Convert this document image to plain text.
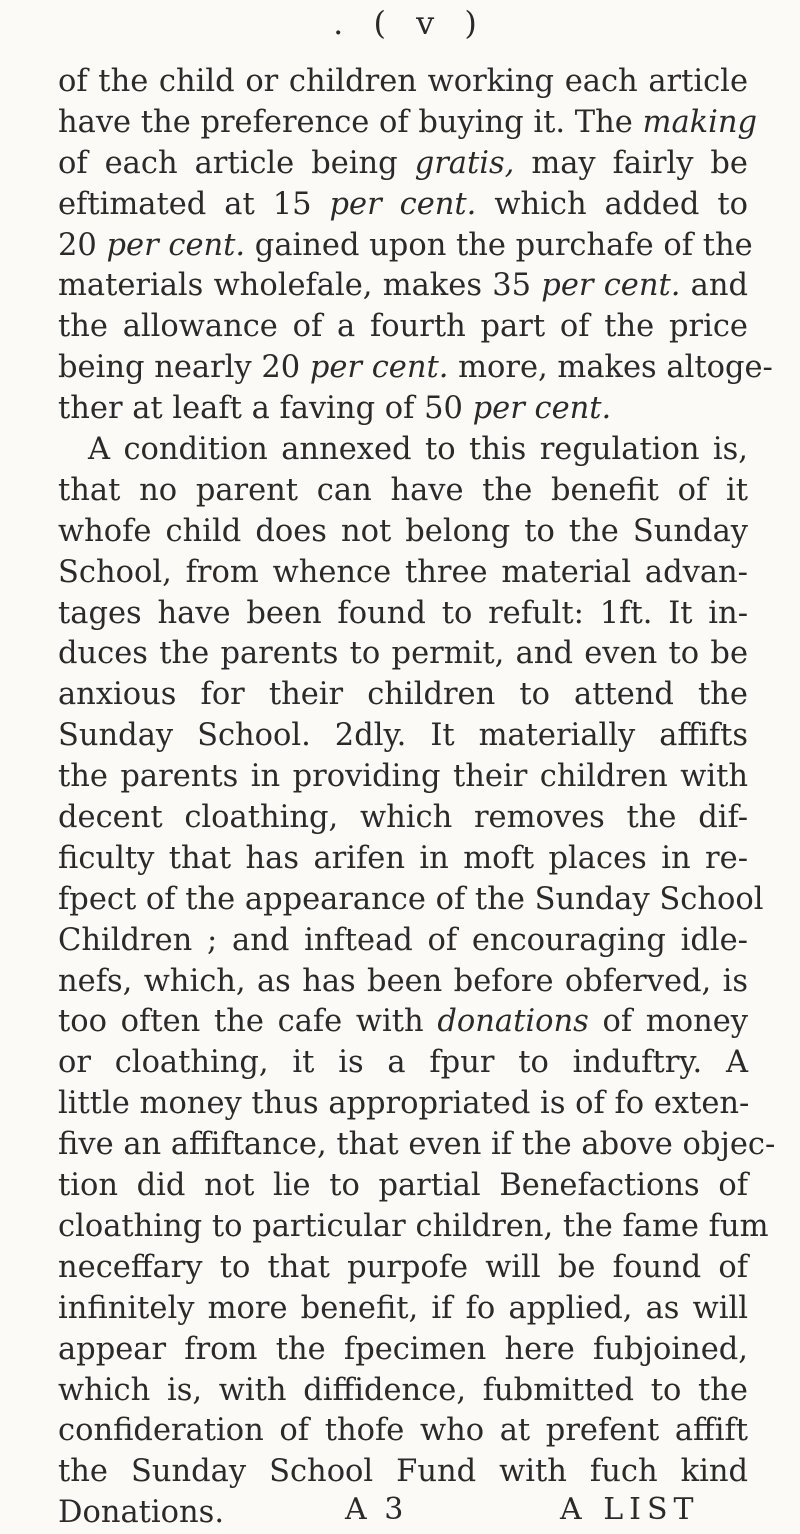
. ( v )
of the child or children working each article
have the preference of buying it. The making
of each article being gratis, may fairly be
eftimated at 15 per cent. which added to
20 per cent. gained upon the purchafe of the
materials wholefale, makes 35 per cent. and
the allowance of a fourth part of the price
being nearly 20 per cent. more, makes altoge-
ther at leaft a faving of 50 per cent.
A condition annexed to this regulation is,
that no parent can have the benefit of it
whofe child does not belong to the Sunday
School, from whence three material advan-
tages have been found to refult: 1ft. It in-
duces the parents to permit, and even to be
anxious for their children to attend the
Sunday School. 2dly. It materially affifts
the parents in providing their children with
decent cloathing, which removes the dif-
ficulty that has arifen in moft places in re-
fpect of the appearance of the Sunday School
Children ; and inftead of encouraging idle-
nefs, which, as has been before obferved, is
too often the cafe with donations of money
or cloathing, it is a fpur to induftry. A
little money thus appropriated is of fo exten-
five an affiftance, that even if the above objec-
tion did not lie to partial Benefactions of
cloathing to particular children, the fame fum
neceffary to that purpofe will be found of
infinitely more benefit, if fo applied, as will
appear from the fpecimen here fubjoined,
which is, with diffidence, fubmitted to the
confideration of thofe who at prefent affift
the Sunday School Fund with fuch kind
Donations.	A 3	A LIST
